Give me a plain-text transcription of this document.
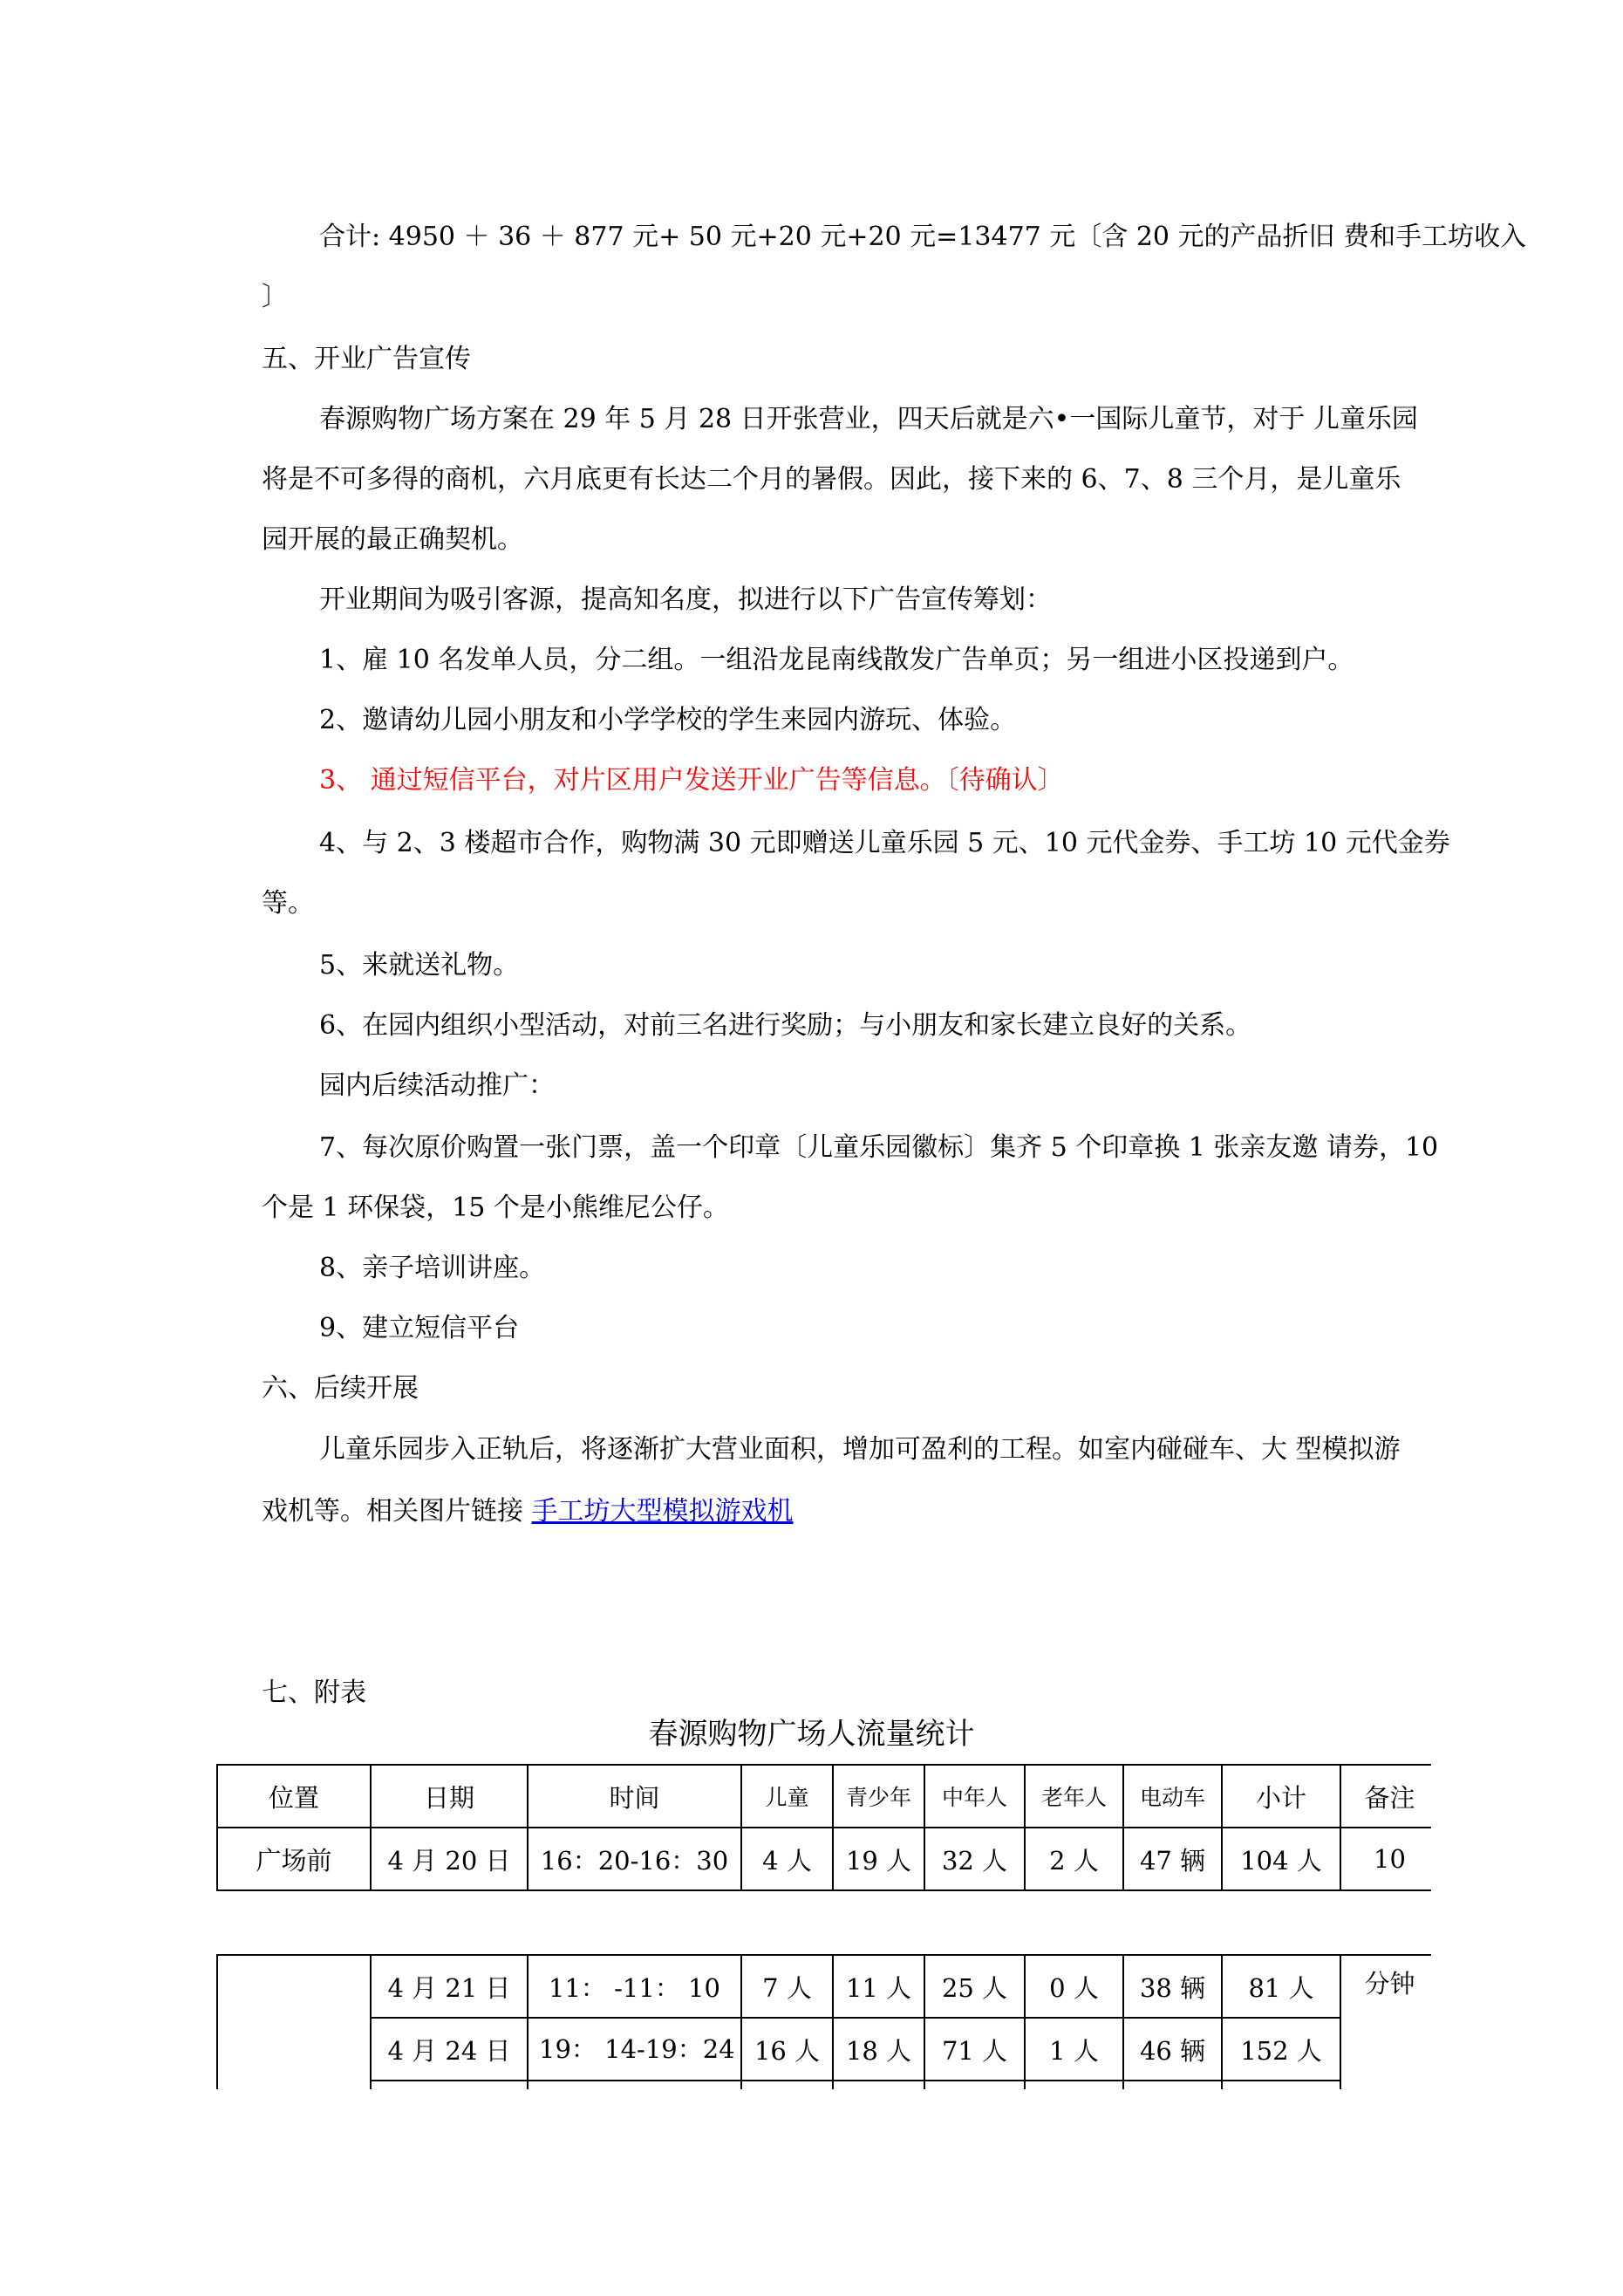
合计: 4950 ＋ 36 ＋ 877 元+ 50 元+20 元+20 元=13477 元〔含 20 元的产品折旧 费和手工坊收入
〕
五、开业广告宣传
春源购物广场方案在 29 年 5 月 28 日开张营业，四天后就是六•一国际儿童节，对于 儿童乐园
将是不可多得的商机，六月底更有长达二个月的暑假。因此，接下来的 6、7、8 三个月，是儿童乐
园开展的最正确契机。
开业期间为吸引客源，提高知名度，拟进行以下广告宣传筹划：
1、雇 10 名发单人员，分二组。一组沿龙昆南线散发广告单页；另一组进小区投递到户。
2、邀请幼儿园小朋友和小学学校的学生来园内游玩、体验。
3、 通过短信平台，对片区用户发送开业广告等信息。〔待确认〕
4、与 2、3 楼超市合作，购物满 30 元即赠送儿童乐园 5 元、10 元代金券、手工坊 10 元代金券
等。
5、来就送礼物。
6、在园内组织小型活动，对前三名进行奖励；与小朋友和家长建立良好的关系。
园内后续活动推广：
7、每次原价购置一张门票，盖一个印章〔儿童乐园徽标〕集齐 5 个印章换 1 张亲友邀 请券，10
个是 1 环保袋，15 个是小熊维尼公仔。
8、亲子培训讲座。
9、建立短信平台
六、后续开展
儿童乐园步入正轨后，将逐渐扩大营业面积，增加可盈利的工程。如室内碰碰车、大 型模拟游
戏机等。相关图片链接 手工坊大型模拟游戏机
七、附表
春源购物广场人流量统计
位置	日期	时间	儿童	青少年	中年人	老年人	电动车	小计	备注
广场前	4 月 20 日	16：20-16：30	4 人	19 人	32 人	2 人	47 辆	104 人	10
	4 月 21 日	11： -11： 10	7 人	11 人	25 人	0 人	38 辆	81 人	分钟
	4 月 24 日	19： 14-19：24	16 人	18 人	71 人	1 人	46 辆	152 人	
